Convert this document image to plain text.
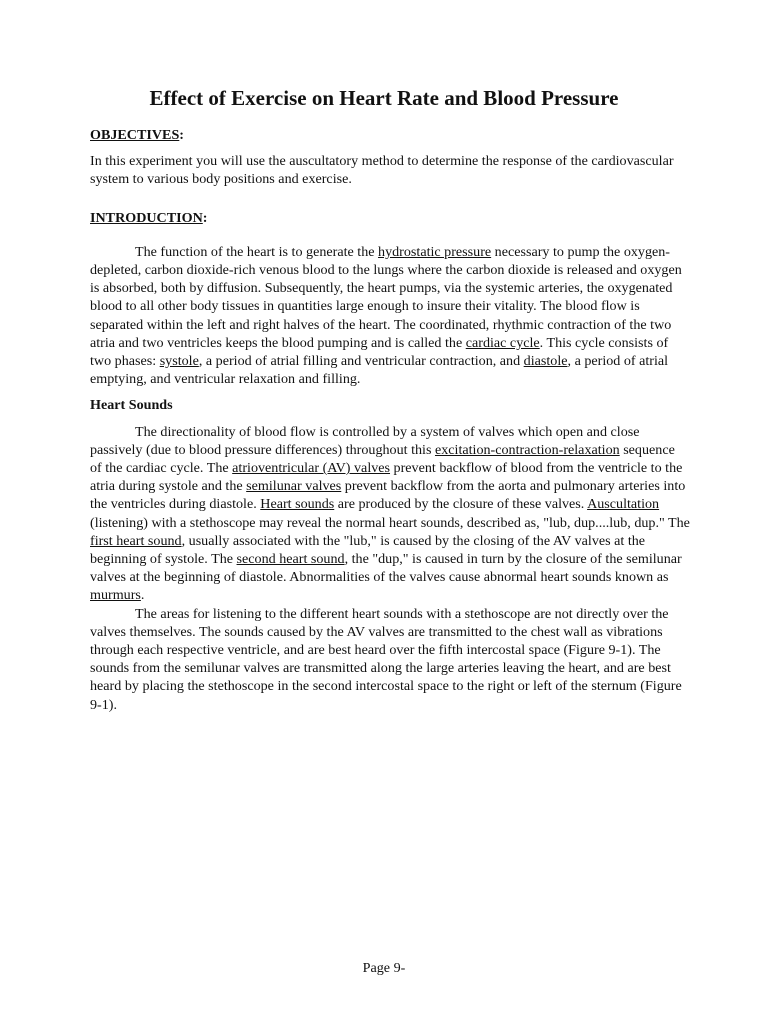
Effect of Exercise on Heart Rate and Blood Pressure

OBJECTIVES:

In this experiment you will use the auscultatory method to determine the response of the cardiovascular system to various body positions and exercise.

INTRODUCTION:

The function of the heart is to generate the hydrostatic pressure necessary to pump the oxygen-depleted, carbon dioxide-rich venous blood to the lungs where the carbon dioxide is released and oxygen is absorbed, both by diffusion. Subsequently, the heart pumps, via the systemic arteries, the oxygenated blood to all other body tissues in quantities large enough to insure their vitality. The blood flow is separated within the left and right halves of the heart. The coordinated, rhythmic contraction of the two atria and two ventricles keeps the blood pumping and is called the cardiac cycle. This cycle consists of two phases: systole, a period of atrial filling and ventricular contraction, and diastole, a period of atrial emptying, and ventricular relaxation and filling.

Heart Sounds

The directionality of blood flow is controlled by a system of valves which open and close passively (due to blood pressure differences) throughout this excitation-contraction-relaxation sequence of the cardiac cycle. The atrioventricular (AV) valves prevent backflow of blood from the ventricle to the atria during systole and the semilunar valves prevent backflow from the aorta and pulmonary arteries into the ventricles during diastole. Heart sounds are produced by the closure of these valves. Auscultation (listening) with a stethoscope may reveal the normal heart sounds, described as, "lub, dup....lub, dup." The first heart sound, usually associated with the "lub," is caused by the closing of the AV valves at the beginning of systole. The second heart sound, the "dup," is caused in turn by the closure of the semilunar valves at the beginning of diastole. Abnormalities of the valves cause abnormal heart sounds known as murmurs.

The areas for listening to the different heart sounds with a stethoscope are not directly over the valves themselves. The sounds caused by the AV valves are transmitted to the chest wall as vibrations through each respective ventricle, and are best heard over the fifth intercostal space (Figure 9-1). The sounds from the semilunar valves are transmitted along the large arteries leaving the heart, and are best heard by placing the stethoscope in the second intercostal space to the right or left of the sternum (Figure 9-1).

Page 9-
